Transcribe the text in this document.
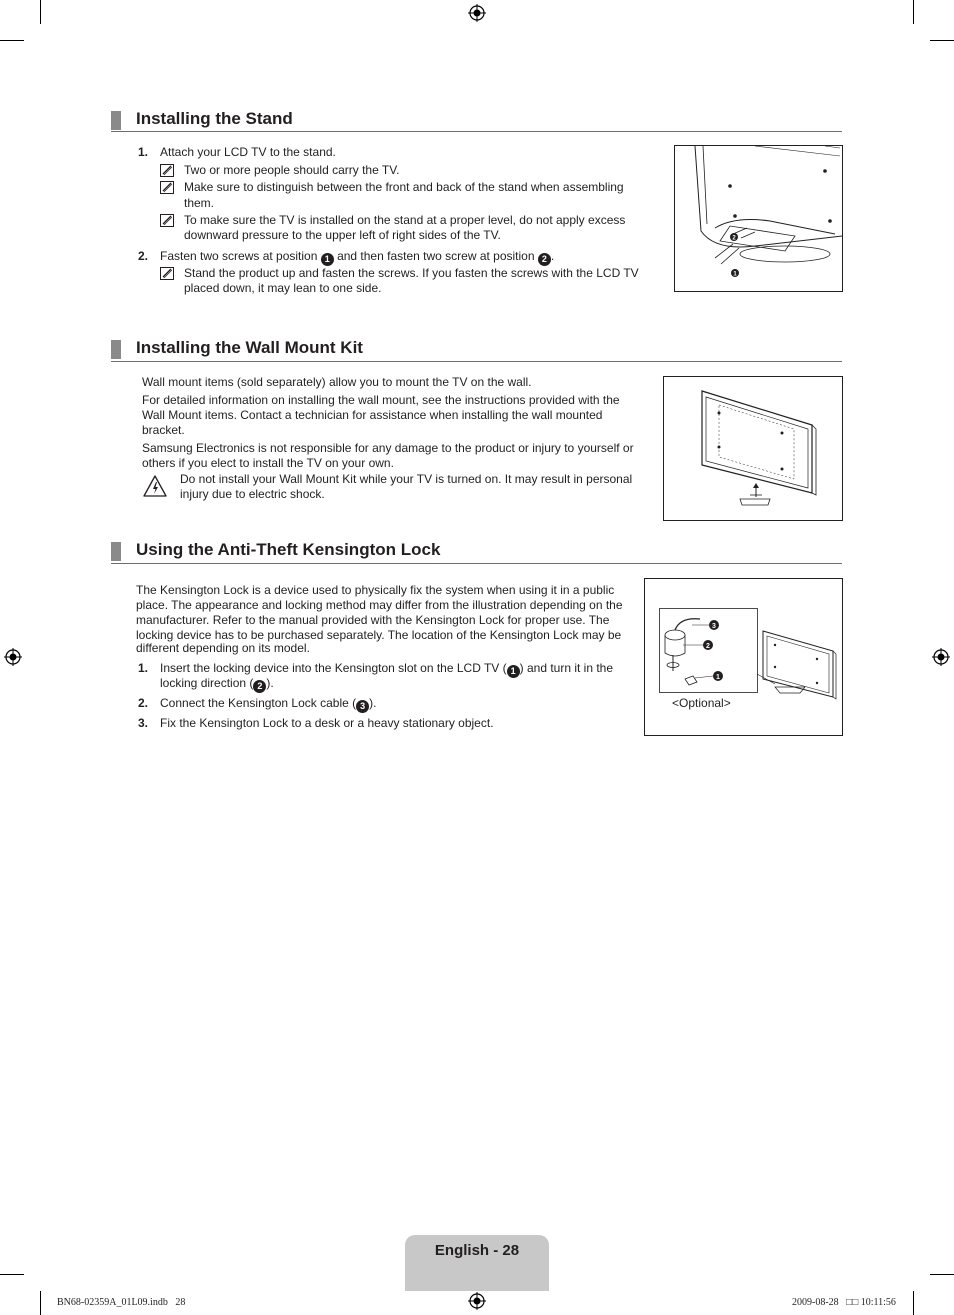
Installing the Stand
1. Attach your LCD TV to the stand.
Two or more people should carry the TV.
Make sure to distinguish between the front and back of the stand when assembling
them.
To make sure the TV is installed on the stand at a proper level, do not apply excess
downward pressure to the upper left of right sides of the TV.
2. Fasten two screws at position 1 and then fasten two screw at position 2 .
Stand the product up and fasten the screws. If you fasten the screws with the LCD TV
placed down, it may lean to one side.
2
1
Installing the Wall Mount Kit
Wall mount items (sold separately) allow you to mount the TV on the wall.
For detailed information on installing the wall mount, see the instructions provided with the
Wall Mount items. Contact a technician for assistance when installing the wall mounted
bracket.
Samsung Electronics is not responsible for any damage to the product or injury to yourself or
others if you elect to install the TV on your own.
Do not install your Wall Mount Kit while your TV is turned on. It may result in personal
injury due to electric shock.
Using the Anti-Theft Kensington Lock
The Kensington Lock is a device used to physically fix the system when using it in a public
place. The appearance and locking method may differ from the illustration depending on the
manufacturer. Refer to the manual provided with the Kensington Lock for proper use. The
locking device has to be purchased separately. The location of the Kensington Lock may be
different depending on its model.
1. Insert the locking device into the Kensington slot on the LCD TV ( 1 ) and turn it in the
locking direction ( 2 ).
2. Connect the Kensington Lock cable ( 3 ).
3. Fix the Kensington Lock to a desk or a heavy stationary object.
3
2
1
<Optional>
English - 28
BN68-02359A_01L09.indb   28	2009-08-28   □□ 10:11:56
